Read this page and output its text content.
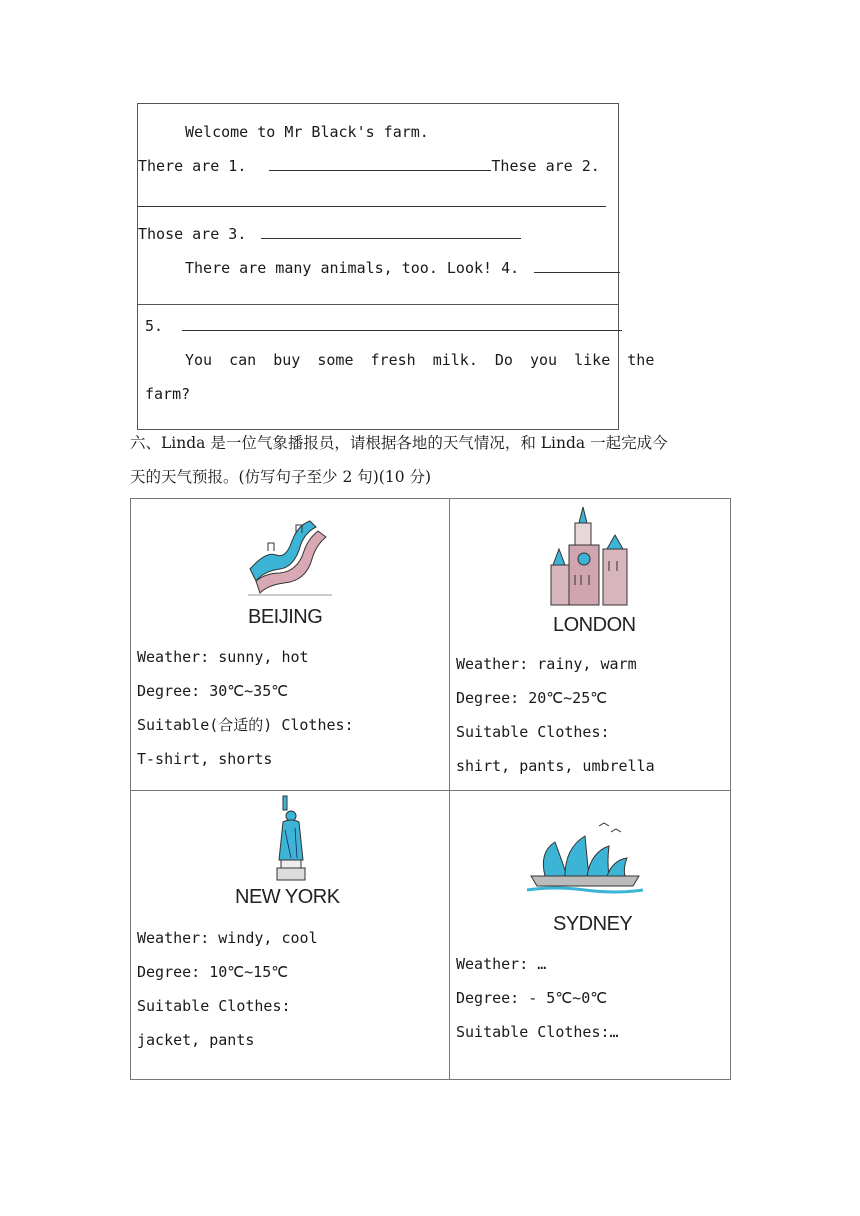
Welcome to Mr Black's farm.
There are 1.	These are 2.
Those are 3.
There are many animals, too. Look! 4.
5.
You can buy some fresh milk. Do you like the
farm?
六、Linda 是一位气象播报员，请根据各地的天气情况，和 Linda 一起完成今
天的天气预报。(仿写句子至少 2 句)(10 分)
BEIJING
Weather: sunny, hot
Degree: 30℃~35℃
Suitable(合适的) Clothes:
T-shirt, shorts
LONDON
Weather: rainy, warm
Degree: 20℃~25℃
Suitable Clothes:
shirt, pants, umbrella
NEW YORK
Weather: windy, cool
Degree: 10℃~15℃
Suitable Clothes:
jacket, pants
SYDNEY
Weather: …
Degree: - 5℃~0℃
Suitable Clothes:…
